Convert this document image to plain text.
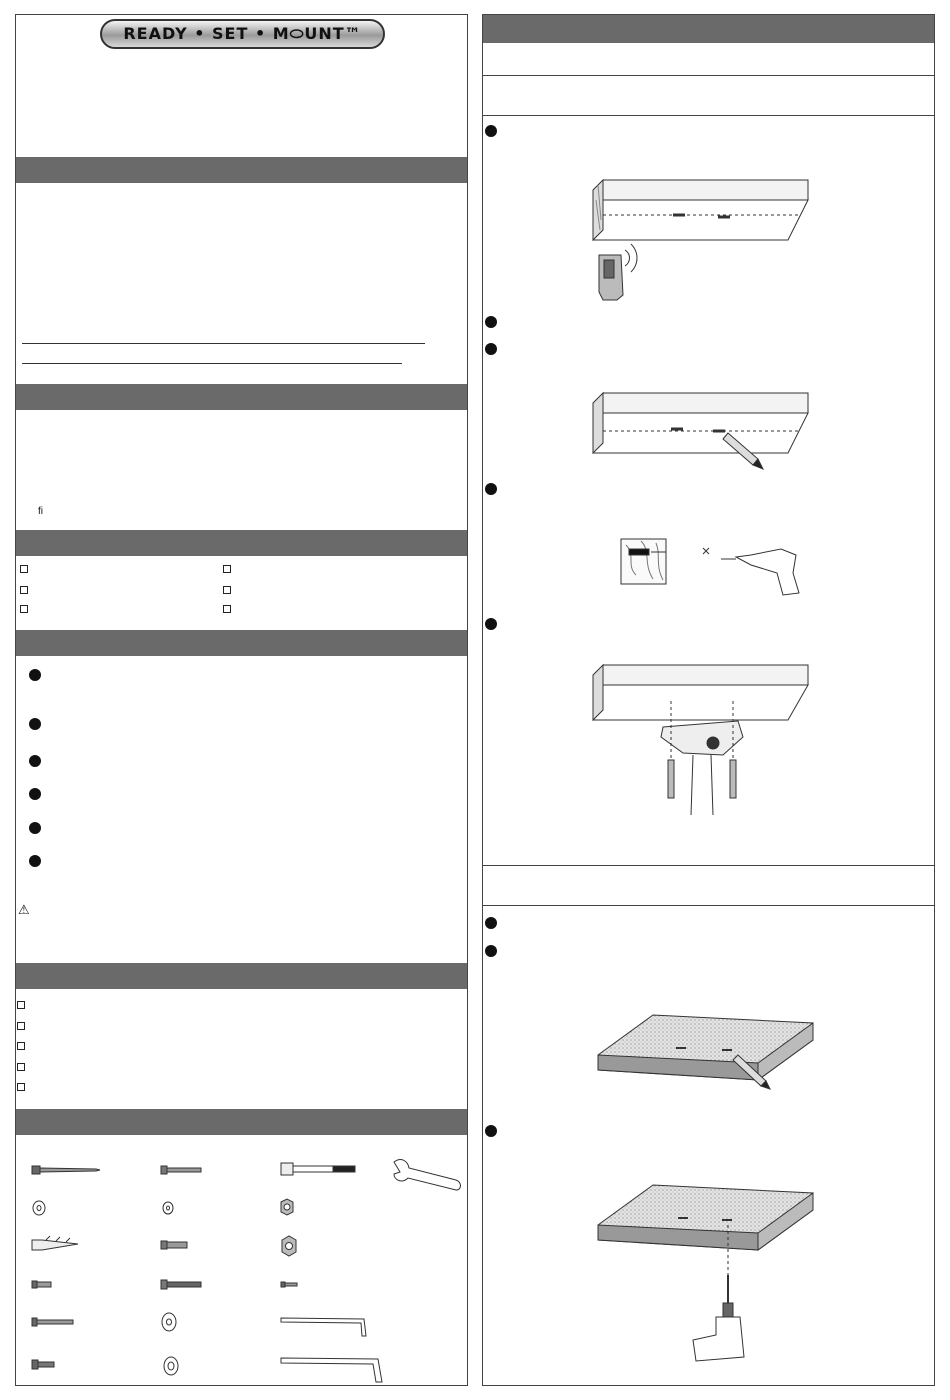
READY • SET • M⬭UNT™
ﬁ
⚠
